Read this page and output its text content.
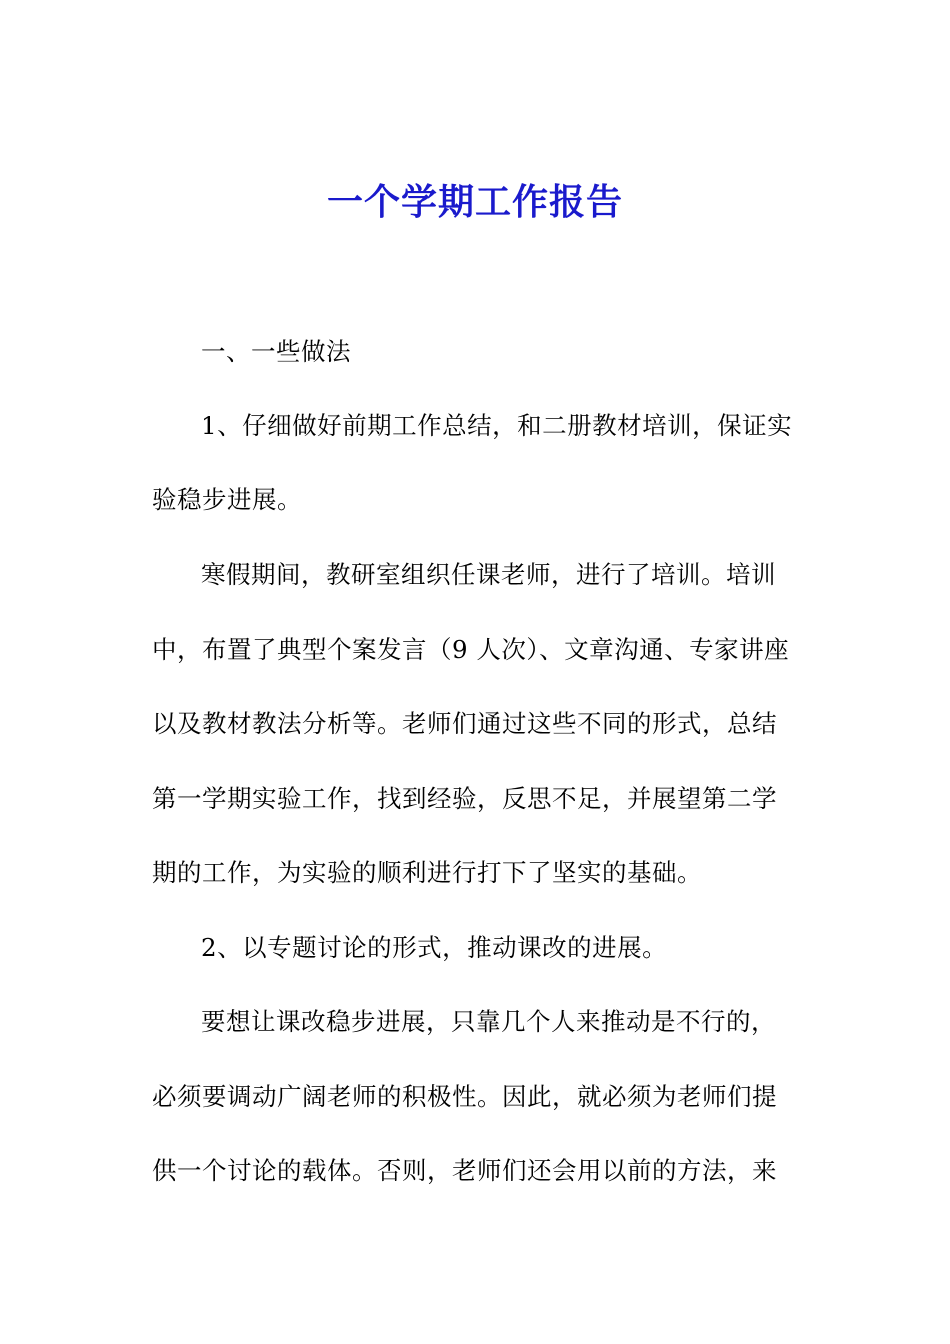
一个学期工作报告
一、一些做法
1、仔细做好前期工作总结，和二册教材培训，保证实
验稳步进展。
寒假期间，教研室组织任课老师，进行了培训。培训
中，布置了典型个案发言（9 人次）、文章沟通、专家讲座
以及教材教法分析等。老师们通过这些不同的形式，总结
第一学期实验工作，找到经验，反思不足，并展望第二学
期的工作，为实验的顺利进行打下了坚实的基础。
2、以专题讨论的形式，推动课改的进展。
要想让课改稳步进展，只靠几个人来推动是不行的，
必须要调动广阔老师的积极性。因此，就必须为老师们提
供一个讨论的载体。否则，老师们还会用以前的方法，来
